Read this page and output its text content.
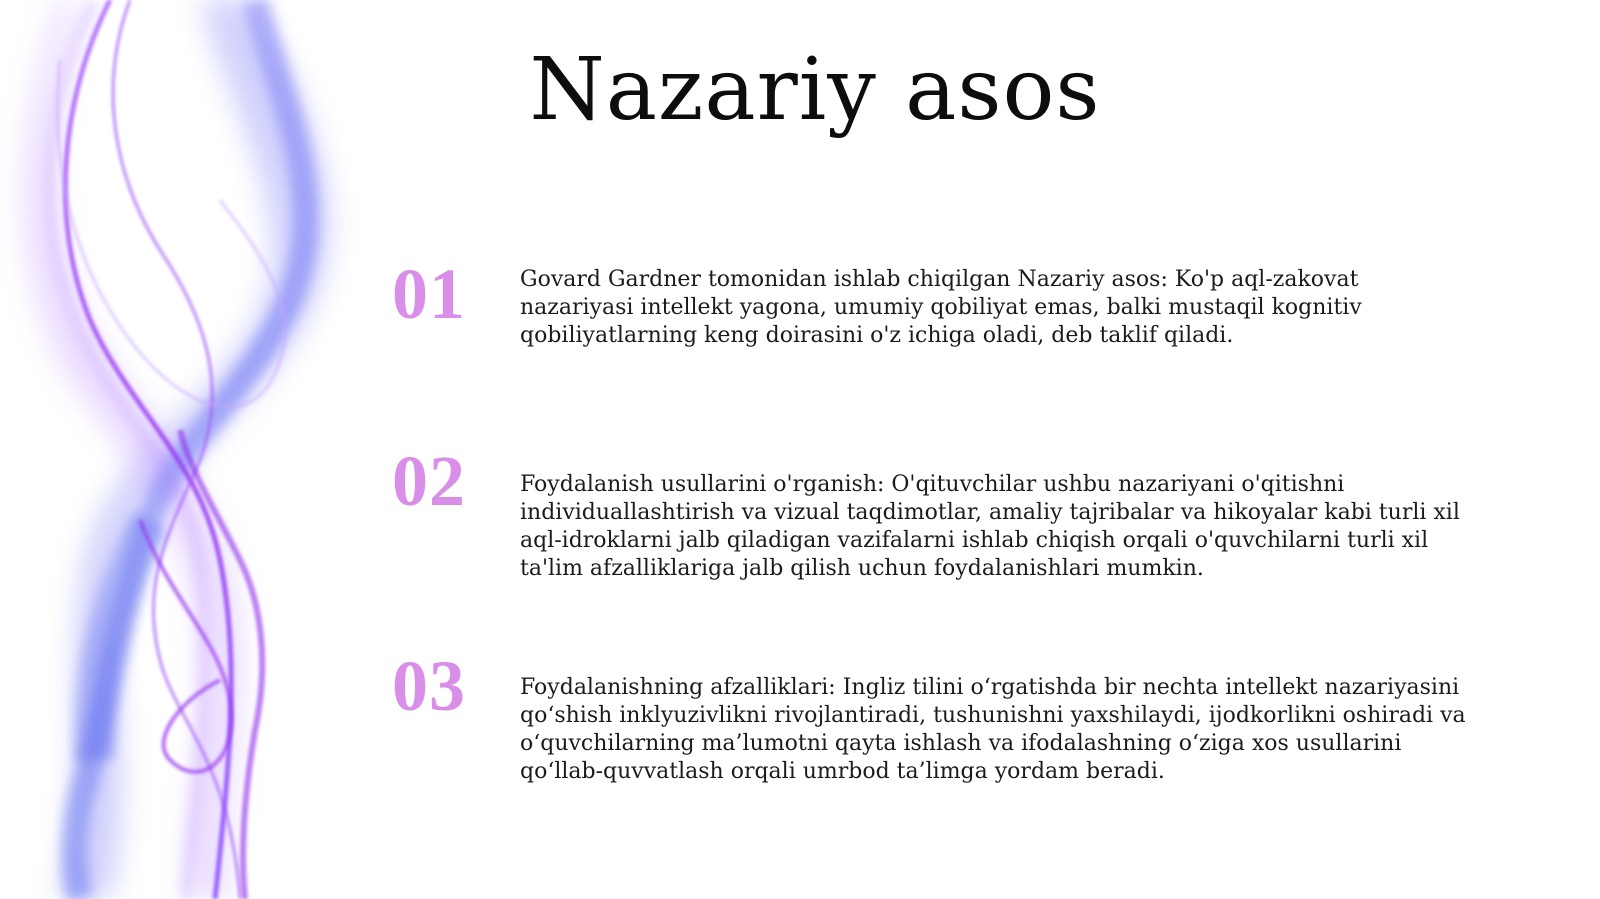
Nazariy asos
01 Govard Gardner tomonidan ishlab chiqilgan Nazariy asos: Ko'p aql-zakovat nazariyasi intellekt yagona, umumiy qobiliyat emas, balki mustaqil kognitiv qobiliyatlarning keng doirasini o'z ichiga oladi, deb taklif qiladi.
02 Foydalanish usullarini o'rganish: O'qituvchilar ushbu nazariyani o'qitishni individuallashtirish va vizual taqdimotlar, amaliy tajribalar va hikoyalar kabi turli xil aql-idroklarni jalb qiladigan vazifalarni ishlab chiqish orqali o'quvchilarni turli xil ta'lim afzalliklariga jalb qilish uchun foydalanishlari mumkin.
03 Foydalanishning afzalliklari: Ingliz tilini o‘rgatishda bir nechta intellekt nazariyasini qo‘shish inklyuzivlikni rivojlantiradi, tushunishni yaxshilaydi, ijodkorlikni oshiradi va o‘quvchilarning ma’lumotni qayta ishlash va ifodalashning o‘ziga xos usullarini qo‘llab-quvvatlash orqali umrbod ta’limga yordam beradi.
